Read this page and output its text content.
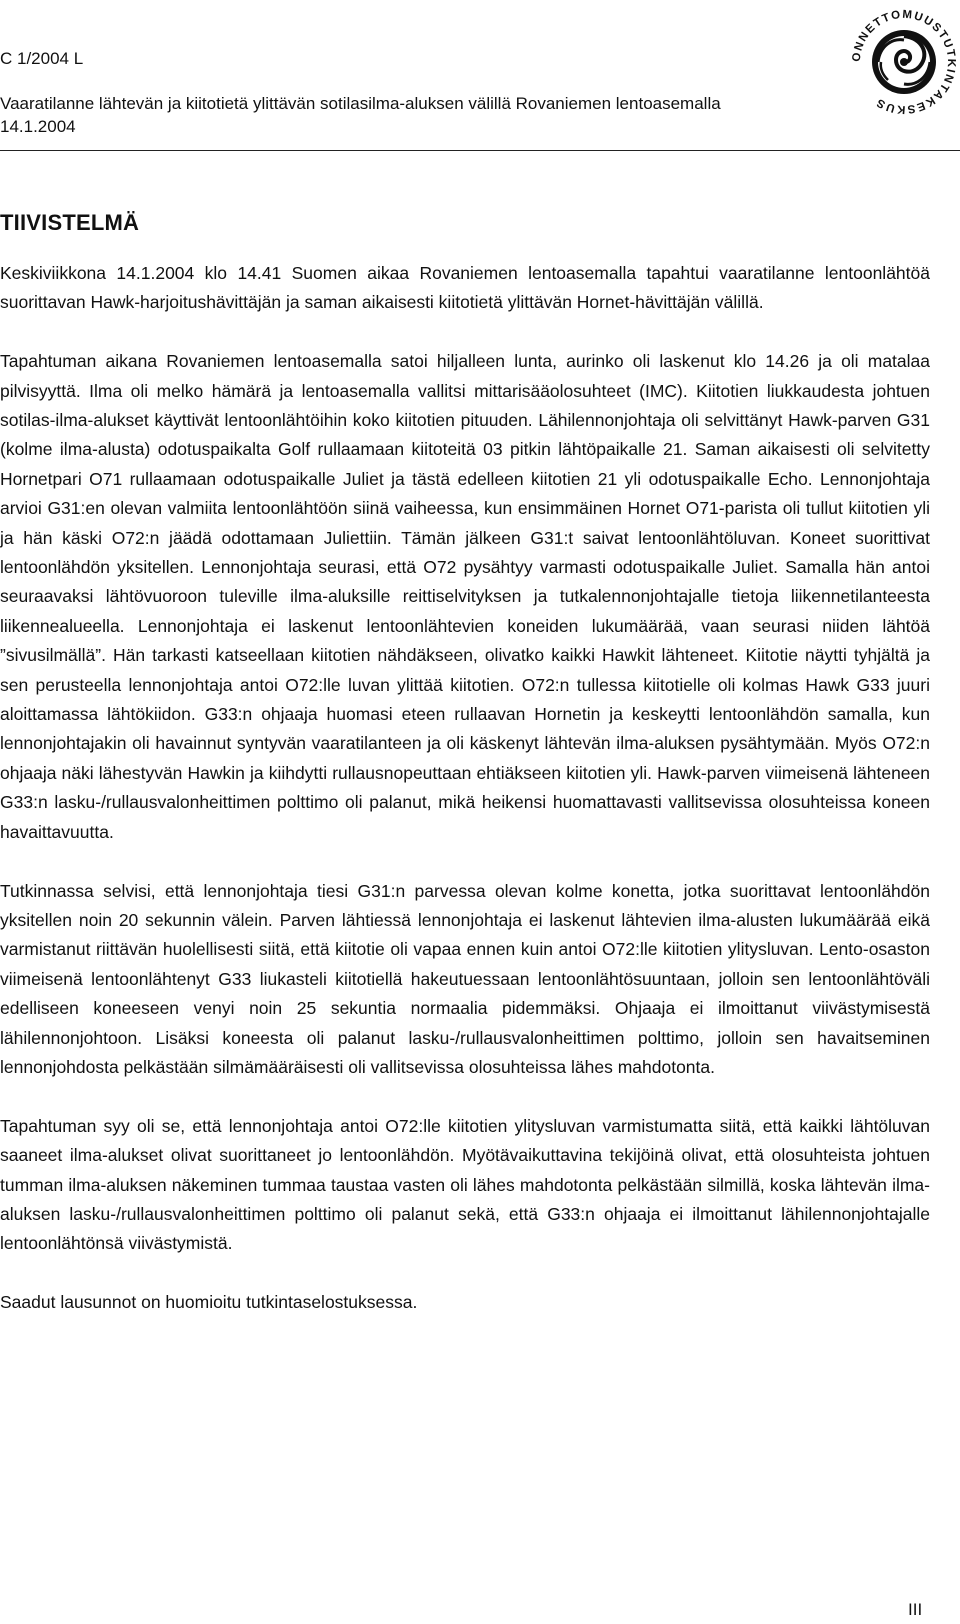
C 1/2004 L
Vaaratilanne lähtevän ja kiitotietä ylittävän sotilasilma-aluksen välillä Rovaniemen lentoasemalla
14.1.2004
ONNETTOMUUSTUTKINTAKESKUS
TIIVISTELMÄ

Keskiviikkona 14.1.2004 klo 14.41 Suomen aikaa Rovaniemen lentoasemalla tapahtui vaaratilanne lentoonlähtöä suorittavan Hawk-harjoitushävittäjän ja saman aikaisesti kiitotietä ylittävän Hornet-hävittäjän välillä.

Tapahtuman aikana Rovaniemen lentoasemalla satoi hiljalleen lunta, aurinko oli laskenut klo 14.26 ja oli matalaa pilvisyyttä. Ilma oli melko hämärä ja lentoasemalla vallitsi mittarisääolosuhteet (IMC). Kiitotien liukkaudesta johtuen sotilas-ilma-alukset käyttivät lentoonlähtöihin koko kiitotien pituuden. Lähilennonjohtaja oli selvittänyt Hawk-parven G31 (kolme ilma-alusta) odotuspaikalta Golf rullaamaan kiitoteitä 03 pitkin lähtöpaikalle 21. Saman aikaisesti oli selvitetty Hornetpari O71 rullaamaan odotuspaikalle Juliet ja tästä edelleen kiitotien 21 yli odotuspaikalle Echo. Lennonjohtaja arvioi G31:en olevan valmiita lentoonlähtöön siinä vaiheessa, kun ensimmäinen Hornet O71-parista oli tullut kiitotien yli ja hän käski O72:n jäädä odottamaan Juliettiin. Tämän jälkeen G31:t saivat lentoonlähtöluvan. Koneet suorittivat lentoonlähdön yksitellen. Lennonjohtaja seurasi, että O72 pysähtyy varmasti odotuspaikalle Juliet. Samalla hän antoi seuraavaksi lähtövuoroon tuleville ilma-aluksille reittiselvityksen ja tutkalennonjohtajalle tietoja liikennetilanteesta liikennealueella. Lennonjohtaja ei laskenut lentoonlähtevien koneiden lukumäärää, vaan seurasi niiden lähtöä ”sivusilmällä”. Hän tarkasti katseellaan kiitotien nähdäkseen, olivatko kaikki Hawkit lähteneet. Kiitotie näytti tyhjältä ja sen perusteella lennonjohtaja antoi O72:lle luvan ylittää kiitotien. O72:n tullessa kiitotielle oli kolmas Hawk G33 juuri aloittamassa lähtökiidon. G33:n ohjaaja huomasi eteen rullaavan Hornetin ja keskeytti lentoonlähdön samalla, kun lennonjohtajakin oli havainnut syntyvän vaaratilanteen ja oli käskenyt lähtevän ilma-aluksen pysähtymään. Myös O72:n ohjaaja näki lähestyvän Hawkin ja kiihdytti rullausnopeuttaan ehtiäkseen kiitotien yli. Hawk-parven viimeisenä lähteneen G33:n lasku-/rullausvalonheittimen polttimo oli palanut, mikä heikensi huomattavasti vallitsevissa olosuhteissa koneen havaittavuutta.

Tutkinnassa selvisi, että lennonjohtaja tiesi G31:n parvessa olevan kolme konetta, jotka suorittavat lentoonlähdön yksitellen noin 20 sekunnin välein. Parven lähtiessä lennonjohtaja ei laskenut lähtevien ilma-alusten lukumäärää eikä varmistanut riittävän huolellisesti siitä, että kiitotie oli vapaa ennen kuin antoi O72:lle kiitotien ylitysluvan. Lento-osaston viimeisenä lentoonlähtenyt G33 liukasteli kiitotiellä hakeutuessaan lentoonlähtösuuntaan, jolloin sen lentoonlähtöväli edelliseen koneeseen venyi noin 25 sekuntia normaalia pidemmäksi. Ohjaaja ei ilmoittanut viivästymisestä lähilennonjohtoon. Lisäksi koneesta oli palanut lasku-/rullausvalonheittimen polttimo, jolloin sen havaitseminen lennonjohdosta pelkästään silmämääräisesti oli vallitsevissa olosuhteissa lähes mahdotonta.

Tapahtuman syy oli se, että lennonjohtaja antoi O72:lle kiitotien ylitysluvan varmistumatta siitä, että kaikki lähtöluvan saaneet ilma-alukset olivat suorittaneet jo lentoonlähdön. Myötävaikuttavina tekijöinä olivat, että olosuhteista johtuen tumman ilma-aluksen näkeminen tummaa taustaa vasten oli lähes mahdotonta pelkästään silmillä, koska lähtevän ilma-aluksen lasku-/rullausvalonheittimen polttimo oli palanut sekä, että G33:n ohjaaja ei ilmoittanut lähilennonjohtajalle lentoonlähtönsä viivästymistä.

Saadut lausunnot on huomioitu tutkintaselostuksessa.

III
